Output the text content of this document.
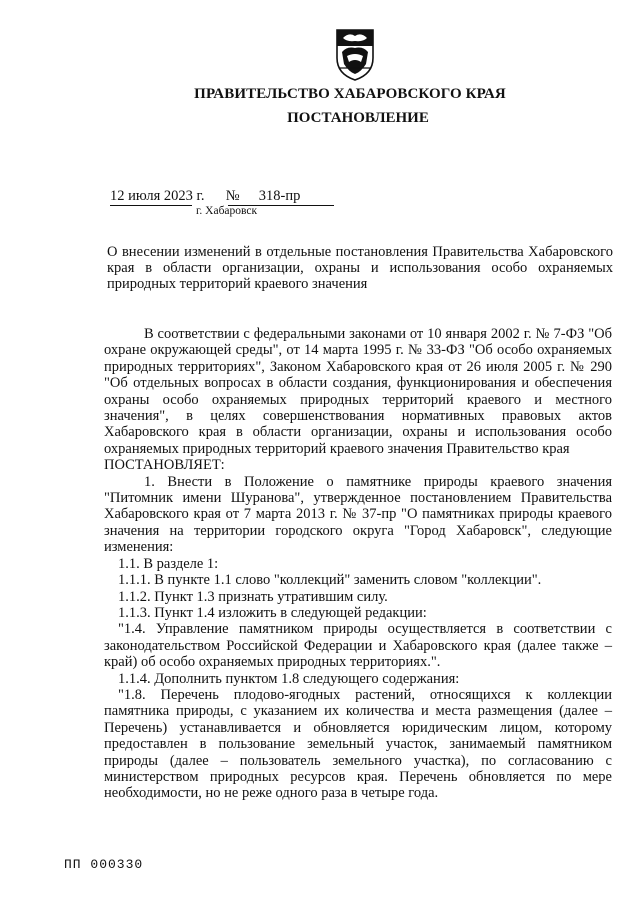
ПРАВИТЕЛЬСТВО ХАБАРОВСКОГО КРАЯ
ПОСТАНОВЛЕНИЕ
12 июля 2023 г. № 318-пр
г. Хабаровск
О внесении изменений в отдельные постановления Правительства Хабаровского края в области организации, охраны и использования особо охраняемых природных территорий краевого значения

В соответствии с федеральными законами от 10 января 2002 г. № 7-ФЗ "Об охране окружающей среды", от 14 марта 1995 г. № 33-ФЗ "Об особо охраняемых природных территориях", Законом Хабаровского края от 26 июля 2005 г. № 290 "Об отдельных вопросах в области создания, функционирования и обеспечения охраны особо охраняемых природных территорий краевого и местного значения", в целях совершенствования нормативных правовых актов Хабаровского края в области организации, охраны и использования особо охраняемых природных территорий краевого значения Правительство края

ПОСТАНОВЛЯЕТ:

1. Внести в Положение о памятнике природы краевого значения "Питомник имени Шуранова", утвержденное постановлением Правительства Хабаровского края от 7 марта 2013 г. № 37-пр "О памятниках природы краевого значения на территории городского округа "Город Хабаровск", следующие изменения:

1.1. В разделе 1:

1.1.1. В пункте 1.1 слово "коллекций" заменить словом "коллекции".

1.1.2. Пункт 1.3 признать утратившим силу.

1.1.3. Пункт 1.4 изложить в следующей редакции:

"1.4. Управление памятником природы осуществляется в соответствии с законодательством Российской Федерации и Хабаровского края (далее также – край) об особо охраняемых природных территориях.".

1.1.4. Дополнить пунктом 1.8 следующего содержания:

"1.8. Перечень плодово-ягодных растений, относящихся к коллекции памятника природы, с указанием их количества и места размещения (далее – Перечень) устанавливается и обновляется юридическим лицом, которому предоставлен в пользование земельный участок, занимаемый памятником природы (далее – пользователь земельного участка), по согласованию с министерством природных ресурсов края. Перечень обновляется по мере необходимости, но не реже одного раза в четыре года.

ПП 000330
